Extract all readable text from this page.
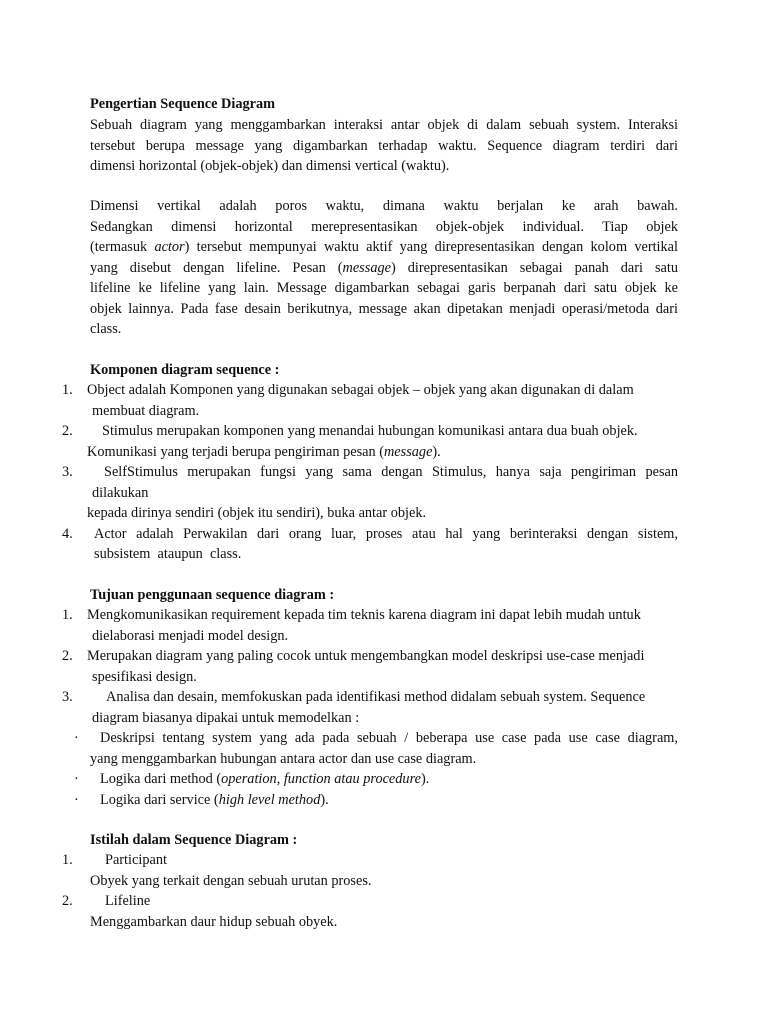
Pengertian Sequence Diagram
Sebuah diagram yang menggambarkan interaksi antar objek di dalam sebuah system. Interaksi
tersebut berupa message yang digambarkan terhadap waktu. Sequence diagram terdiri dari
dimensi horizontal (objek-objek) dan dimensi vertical (waktu).
Dimensi vertikal adalah poros waktu, dimana waktu berjalan ke arah bawah.
Sedangkan dimensi horizontal merepresentasikan objek-objek individual. Tiap objek
(termasuk actor) tersebut mempunyai waktu aktif yang direpresentasikan dengan kolom vertikal
yang disebut dengan lifeline. Pesan (message) direpresentasikan sebagai panah dari satu
lifeline ke lifeline yang lain. Message digambarkan sebagai garis berpanah dari satu objek ke
objek lainnya. Pada fase desain berikutnya, message akan dipetakan menjadi operasi/metoda dari
class.
Komponen diagram sequence :
1. Object adalah Komponen yang digunakan sebagai objek – objek yang akan digunakan di dalam
membuat diagram.
2. Stimulus merupakan komponen yang menandai hubungan komunikasi antara dua buah objek.
Komunikasi yang terjadi berupa pengiriman pesan (message).
3. SelfStimulus merupakan fungsi yang sama dengan Stimulus, hanya saja pengiriman pesan
dilakukan
kepada dirinya sendiri (objek itu sendiri), buka antar objek.
4. Actor adalah Perwakilan dari orang luar, proses atau hal yang berinteraksi dengan sistem,
subsistem  ataupun  class.
Tujuan penggunaan sequence diagram :
1. Mengkomunikasikan requirement kepada tim teknis karena diagram ini dapat lebih mudah untuk
dielaborasi menjadi model design.
2. Merupakan diagram yang paling cocok untuk mengembangkan model deskripsi use-case menjadi
spesifikasi design.
3. Analisa dan desain, memfokuskan pada identifikasi method didalam sebuah system. Sequence
diagram biasanya dipakai untuk memodelkan :
· Deskripsi tentang system yang ada pada sebuah / beberapa use case pada use case diagram,
yang menggambarkan hubungan antara actor dan use case diagram.
· Logika dari method (operation, function atau procedure).
· Logika dari service (high level method).
Istilah dalam Sequence Diagram :
1. Participant
Obyek yang terkait dengan sebuah urutan proses.
2. Lifeline
Menggambarkan daur hidup sebuah obyek.
